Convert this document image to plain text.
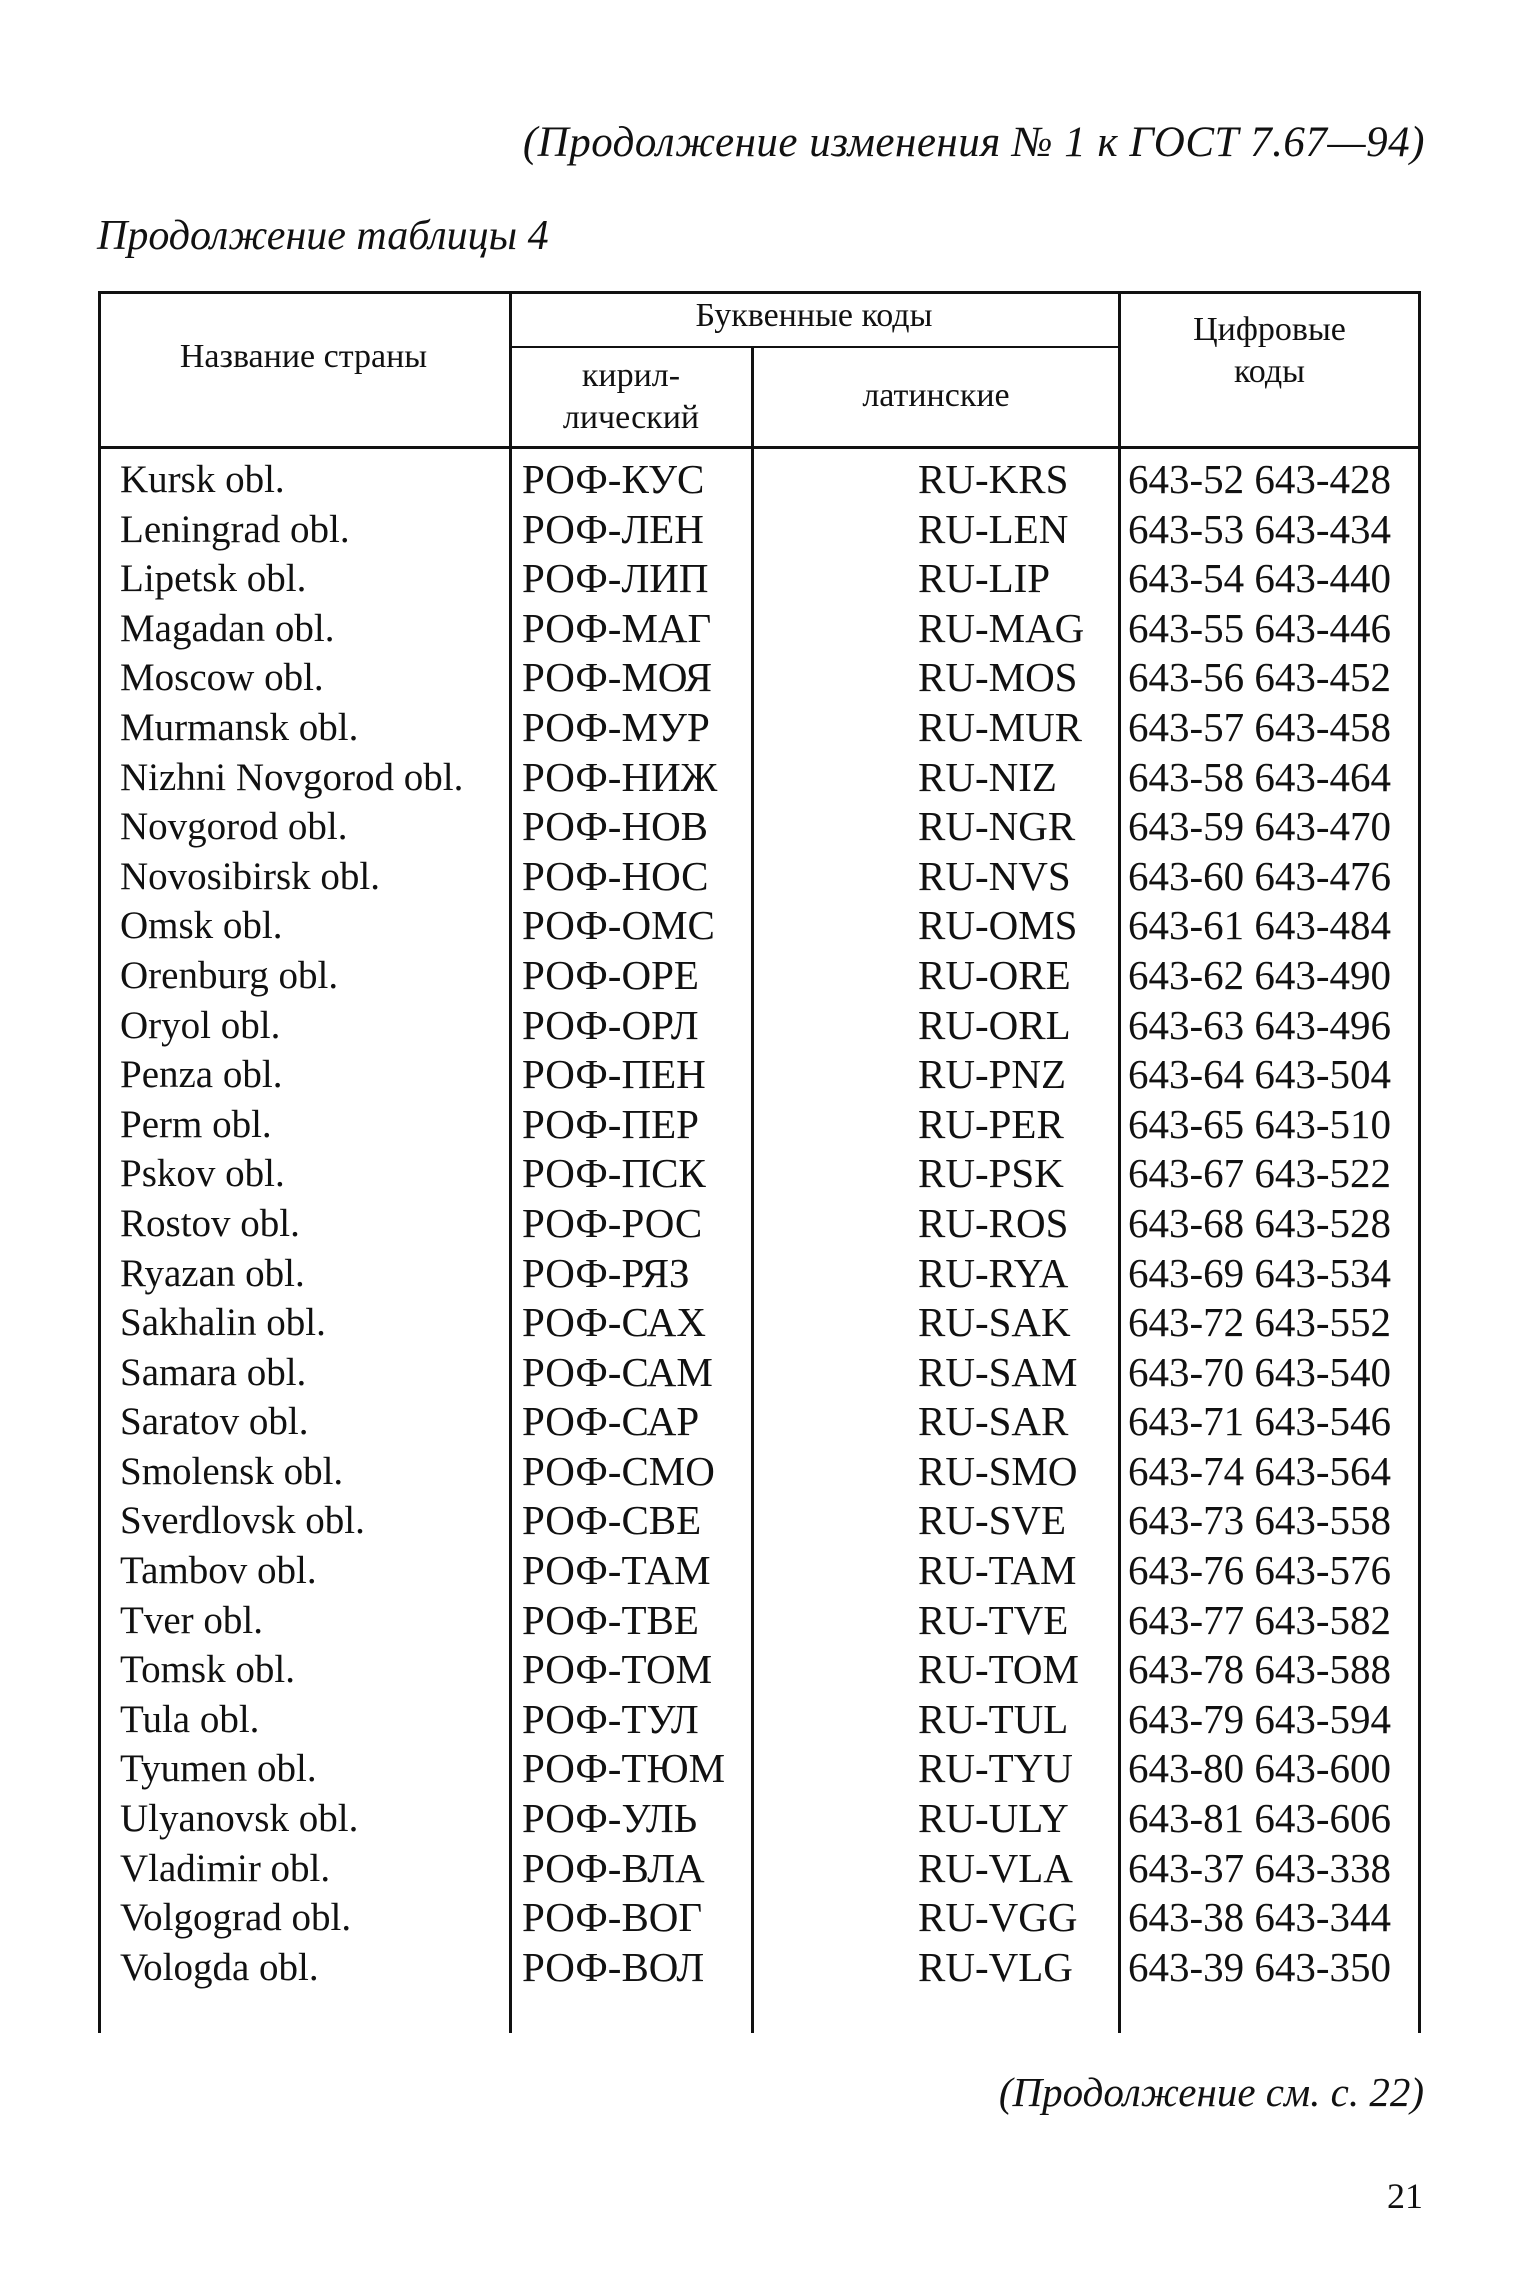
(Продолжение изменения № 1 к ГОСТ 7.67—94)
Продолжение таблицы 4
Название страны
Буквенные коды
кирил-
лический
латинские
Цифровые
коды
Kursk obl.
Leningrad obl.
Lipetsk obl.
Magadan obl.
Moscow obl.
Murmansk obl.
Nizhni Novgorod obl.
Novgorod obl.
Novosibirsk obl.
Omsk obl.
Orenburg obl.
Oryol obl.
Penza obl.
Perm obl.
Pskov obl.
Rostov obl.
Ryazan obl.
Sakhalin obl.
Samara obl.
Saratov obl.
Smolensk obl.
Sverdlovsk obl.
Tambov obl.
Tver obl.
Tomsk obl.
Tula obl.
Tyumen obl.
Ulyanovsk obl.
Vladimir obl.
Volgograd obl.
Vologda obl.
РОФ-КУС
РОФ-ЛЕН
РОФ-ЛИП
РОФ-МАГ
РОФ-МОЯ
РОФ-МУР
РОФ-НИЖ
РОФ-НОВ
РОФ-НОС
РОФ-ОМС
РОФ-ОРЕ
РОФ-ОРЛ
РОФ-ПЕН
РОФ-ПЕР
РОФ-ПСК
РОФ-РОС
РОФ-РЯЗ
РОФ-САХ
РОФ-САМ
РОФ-САР
РОФ-СМО
РОФ-СВЕ
РОФ-ТАМ
РОФ-ТВЕ
РОФ-ТОМ
РОФ-ТУЛ
РОФ-ТЮМ
РОФ-УЛЬ
РОФ-ВЛА
РОФ-ВОГ
РОФ-ВОЛ
RU-KRS
RU-LEN
RU-LIP
RU-MAG
RU-MOS
RU-MUR
RU-NIZ
RU-NGR
RU-NVS
RU-OMS
RU-ORE
RU-ORL
RU-PNZ
RU-PER
RU-PSK
RU-ROS
RU-RYA
RU-SAK
RU-SAM
RU-SAR
RU-SMO
RU-SVE
RU-TAM
RU-TVE
RU-TOM
RU-TUL
RU-TYU
RU-ULY
RU-VLA
RU-VGG
RU-VLG
643-52 643-428
643-53 643-434
643-54 643-440
643-55 643-446
643-56 643-452
643-57 643-458
643-58 643-464
643-59 643-470
643-60 643-476
643-61 643-484
643-62 643-490
643-63 643-496
643-64 643-504
643-65 643-510
643-67 643-522
643-68 643-528
643-69 643-534
643-72 643-552
643-70 643-540
643-71 643-546
643-74 643-564
643-73 643-558
643-76 643-576
643-77 643-582
643-78 643-588
643-79 643-594
643-80 643-600
643-81 643-606
643-37 643-338
643-38 643-344
643-39 643-350
(Продолжение см. с. 22)
21
